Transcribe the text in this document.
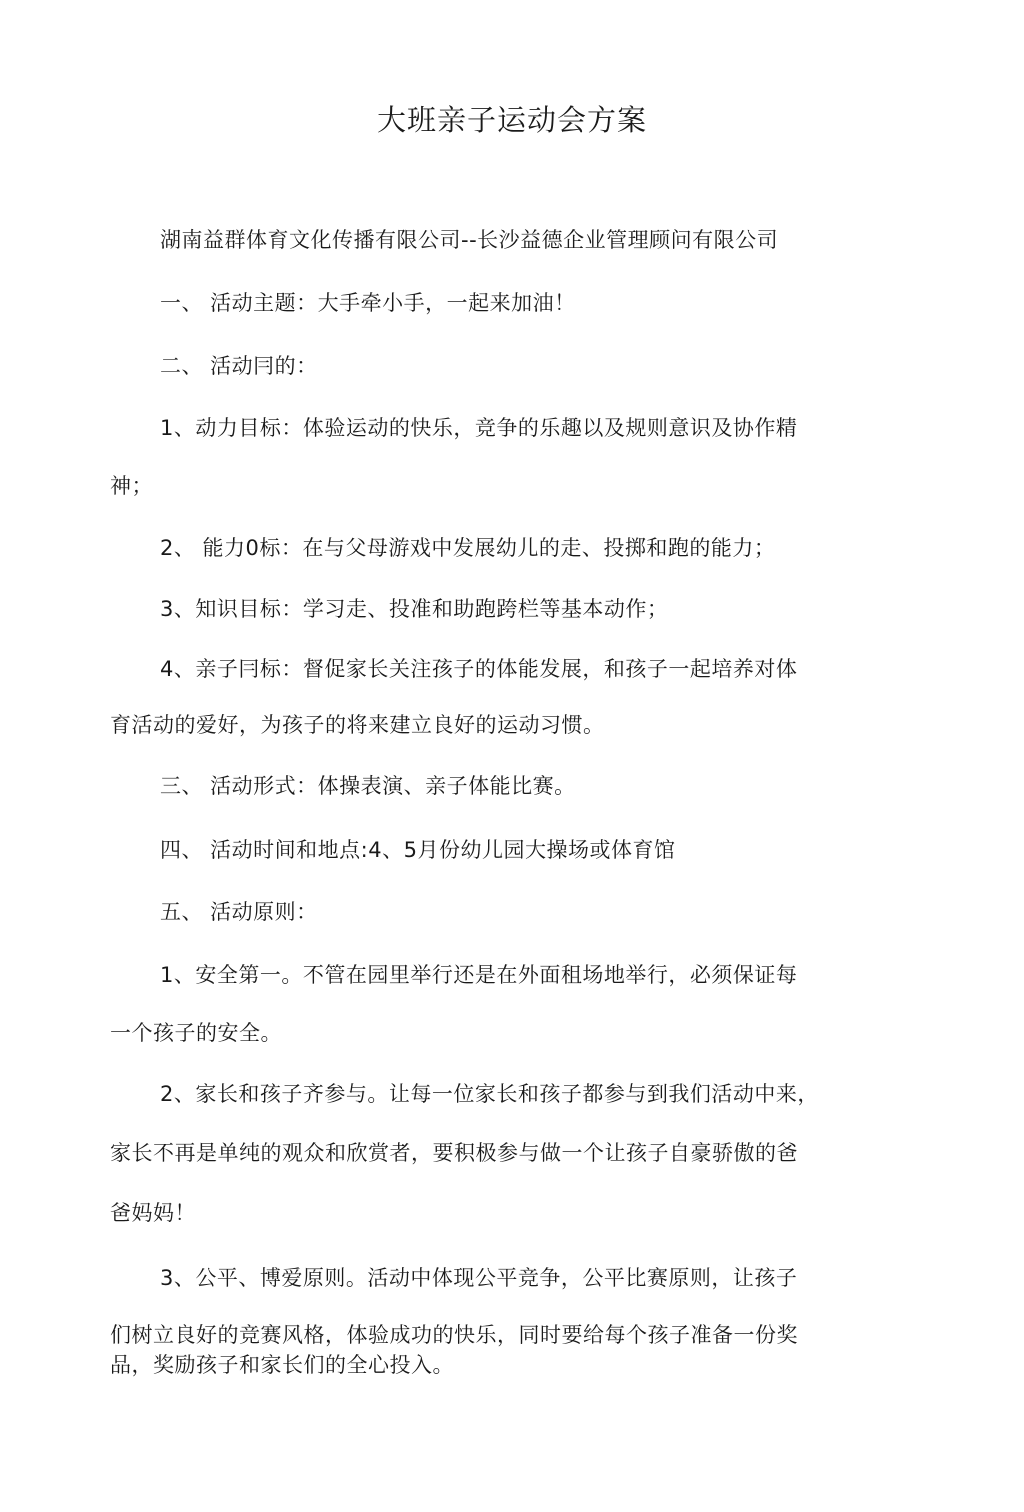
大班亲子运动会方案
湖南益群体育文化传播有限公司--长沙益德企业管理顾问有限公司
一、 活动主题：大手牵小手，一起来加油！
二、 活动冃的：
1、动力目标：体验运动的快乐，竞争的乐趣以及规则意识及协作精
神；
2、 能力0标：在与父母游戏中发展幼儿的走、投掷和跑的能力；
3、知识目标：学习走、投准和助跑跨栏等基本动作；
4、亲子冃标：督促家长关注孩子的体能发展，和孩子一起培养对体
育活动的爱好，为孩子的将来建立良好的运动习惯。
三、 活动形式：体操表演、亲子体能比赛。
四、 活动时间和地点:4、5月份幼儿园大操场或体育馆
五、 活动原则：
1、安全第一。不管在园里举行还是在外面租场地举行，必须保证每
一个孩子的安全。
2、家长和孩子齐参与。让每一位家长和孩子都参与到我们活动中来，
家长不再是单纯的观众和欣赏者，要积极参与做一个让孩子自豪骄傲的爸
爸妈妈！
3、公平、博爱原则。活动中体现公平竞争，公平比赛原则，让孩子
们树立良好的竞赛风格，体验成功的快乐，同时要给每个孩子准备一份奖
品，奖励孩子和家长们的全心投入。
